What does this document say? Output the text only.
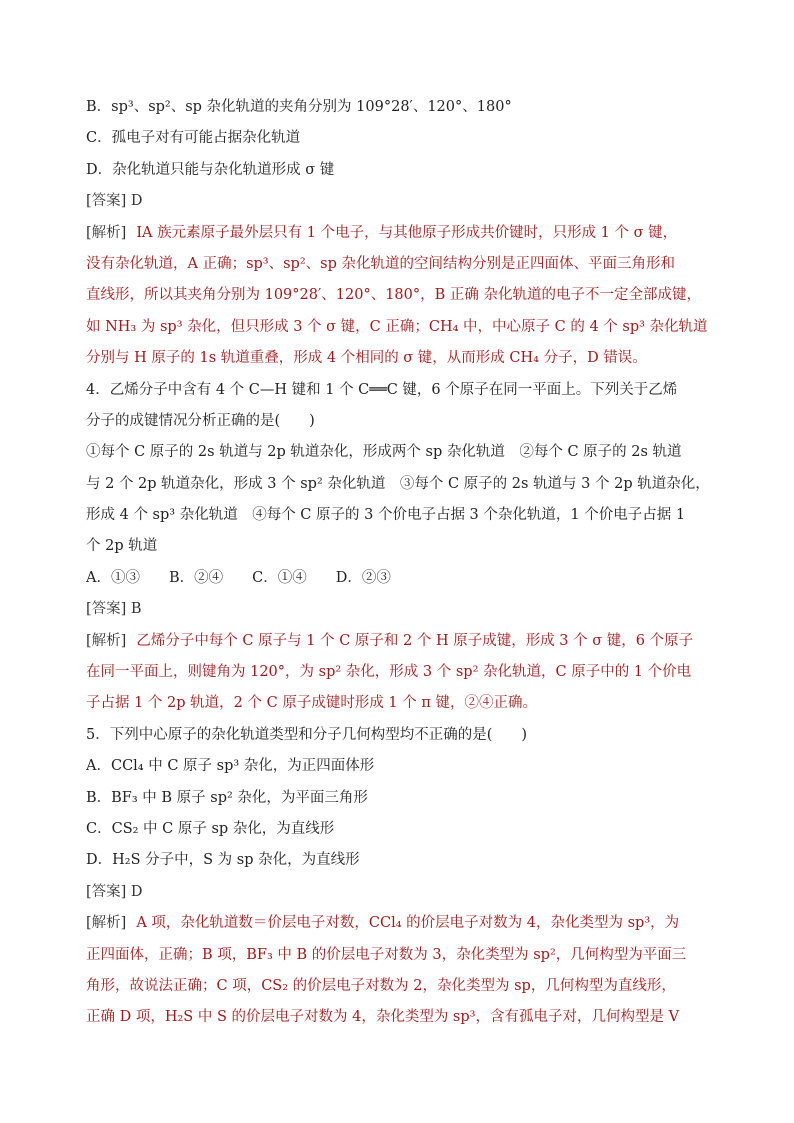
B．sp³、sp²、sp 杂化轨道的夹角分别为 109°28′、120°、180°
C．孤电子对有可能占据杂化轨道
D．杂化轨道只能与杂化轨道形成 σ 键
[答案] D
[解析] ⅠA 族元素原子最外层只有 1 个电子，与其他原子形成共价键时，只形成 1 个 σ 键，
没有杂化轨道，A 正确；sp³、sp²、sp 杂化轨道的空间结构分别是正四面体、平面三角形和
直线形，所以其夹角分别为 109°28′、120°、180°，B 正确 杂化轨道的电子不一定全部成键，
如 NH₃ 为 sp³ 杂化，但只形成 3 个 σ 键，C 正确；CH₄ 中，中心原子 C 的 4 个 sp³ 杂化轨道
分别与 H 原子的 1s 轨道重叠，形成 4 个相同的 σ 键，从而形成 CH₄ 分子，D 错误。
4．乙烯分子中含有 4 个 C—H 键和 1 个 C══C 键，6 个原子在同一平面上。下列关于乙烯
分子的成键情况分析正确的是(　　)
①每个 C 原子的 2s 轨道与 2p 轨道杂化，形成两个 sp 杂化轨道　②每个 C 原子的 2s 轨道
与 2 个 2p 轨道杂化，形成 3 个 sp² 杂化轨道　③每个 C 原子的 2s 轨道与 3 个 2p 轨道杂化，
形成 4 个 sp³ 杂化轨道　④每个 C 原子的 3 个价电子占据 3 个杂化轨道，1 个价电子占据 1
个 2p 轨道
A．①③　　B．②④　　C．①④　　D．②③
[答案] B
[解析] 乙烯分子中每个 C 原子与 1 个 C 原子和 2 个 H 原子成键，形成 3 个 σ 键，6 个原子
在同一平面上，则键角为 120°，为 sp² 杂化，形成 3 个 sp² 杂化轨道，C 原子中的 1 个价电
子占据 1 个 2p 轨道，2 个 C 原子成键时形成 1 个 π 键，②④正确。
5．下列中心原子的杂化轨道类型和分子几何构型均不正确的是(　　)
A．CCl₄ 中 C 原子 sp³ 杂化，为正四面体形
B．BF₃ 中 B 原子 sp² 杂化，为平面三角形
C．CS₂ 中 C 原子 sp 杂化，为直线形
D．H₂S 分子中，S 为 sp 杂化，为直线形
[答案] D
[解析] A 项，杂化轨道数＝价层电子对数，CCl₄ 的价层电子对数为 4，杂化类型为 sp³，为
正四面体，正确；B 项，BF₃ 中 B 的价层电子对数为 3，杂化类型为 sp²，几何构型为平面三
角形，故说法正确；C 项，CS₂ 的价层电子对数为 2，杂化类型为 sp，几何构型为直线形，
正确 D 项，H₂S 中 S 的价层电子对数为 4，杂化类型为 sp³，含有孤电子对，几何构型是 V
